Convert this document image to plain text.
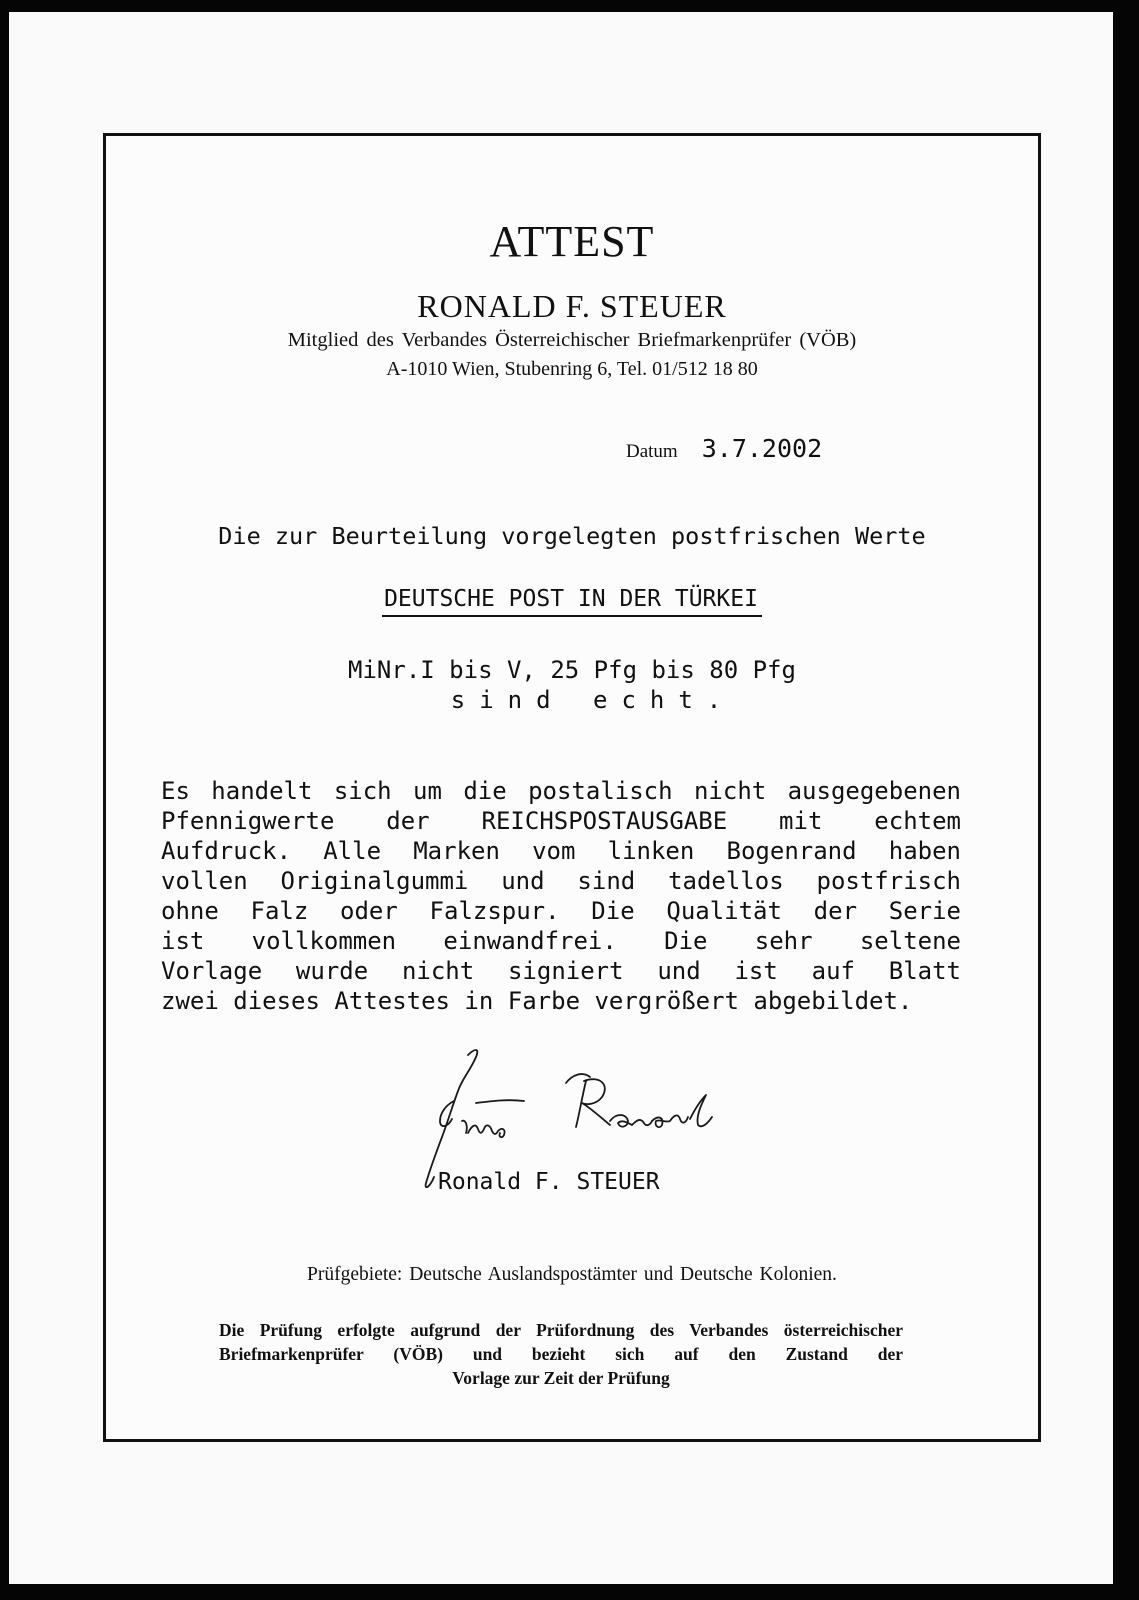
ATTEST
RONALD F. STEUER
Mitglied des Verbandes Österreichischer Briefmarkenprüfer (VÖB)
A-1010 Wien, Stubenring 6, Tel. 01/512 18 80
Datum 3.7.2002
Die zur Beurteilung vorgelegten postfrischen Werte
DEUTSCHE POST IN DER TÜRKEI
MiNr.I bis V, 25 Pfg bis 80 Pfg
sind echt.
Es handelt sich um die postalisch nicht ausgegebenen
Pfennigwerte der REICHSPOSTAUSGABE mit echtem
Aufdruck. Alle Marken vom linken Bogenrand haben
vollen Originalgummi und sind tadellos postfrisch
ohne Falz oder Falzspur. Die Qualität der Serie
ist vollkommen einwandfrei. Die sehr seltene
Vorlage wurde nicht signiert und ist auf Blatt
zwei dieses Attestes in Farbe vergrößert abgebildet.
Ronald F. STEUER
Prüfgebiete: Deutsche Auslandspostämter und Deutsche Kolonien.
Die Prüfung erfolgte aufgrund der Prüfordnung des Verbandes österreichischer
Briefmarkenprüfer (VÖB) und bezieht sich auf den Zustand der
Vorlage zur Zeit der Prüfung
